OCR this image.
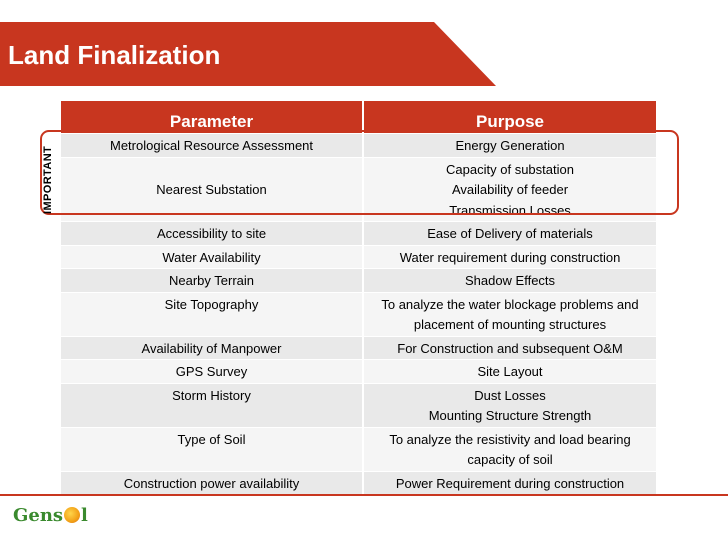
Land Finalization
Parameter	Purpose
Metrological Resource Assessment	Energy Generation

Nearest Substation	Capacity of substation
Availability of feeder
Transmission Losses

Accessibility to site	Ease of Delivery of materials

Water Availability	Water requirement during construction

Nearby Terrain	Shadow Effects

Site Topography	To analyze the water blockage problems and
placement of mounting structures

Availability of Manpower	For Construction and subsequent O&M

GPS Survey	Site Layout

Storm History	Dust Losses
Mounting Structure Strength

Type of Soil	To analyze the resistivity and load bearing
capacity of soil

Construction power availability	Power Requirement during construction
IMPORTANT
Gens l
